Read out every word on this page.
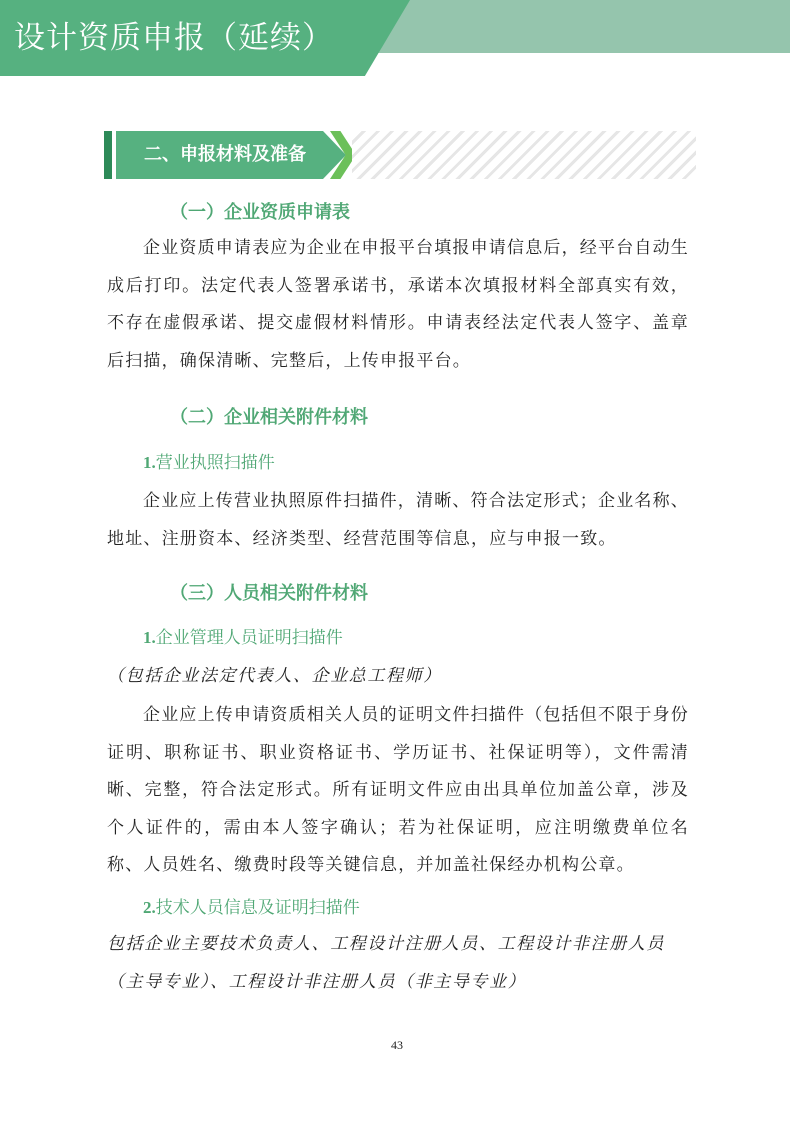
设计资质申报（延续）
二、申报材料及准备
（一）企业资质申请表

企业资质申请表应为企业在申报平台填报申请信息后，经平台自动生成后打印。法定代表人签署承诺书，承诺本次填报材料全部真实有效，不存在虚假承诺、提交虚假材料情形。申请表经法定代表人签字、盖章后扫描，确保清晰、完整后，上传申报平台。

（二）企业相关附件材料
1.营业执照扫描件

企业应上传营业执照原件扫描件，清晰、符合法定形式；企业名称、地址、注册资本、经济类型、经营范围等信息，应与申报一致。

（三）人员相关附件材料
1.企业管理人员证明扫描件

（包括企业法定代表人、企业总工程师）

企业应上传申请资质相关人员的证明文件扫描件（包括但不限于身份证明、职称证书、职业资格证书、学历证书、社保证明等），文件需清晰、完整，符合法定形式。所有证明文件应由出具单位加盖公章，涉及个人证件的，需由本人签字确认；若为社保证明，应注明缴费单位名称、人员姓名、缴费时段等关键信息，并加盖社保经办机构公章。

2.技术人员信息及证明扫描件

包括企业主要技术负责人、工程设计注册人员、工程设计非注册人员（主导专业）、工程设计非注册人员（非主导专业）

43
